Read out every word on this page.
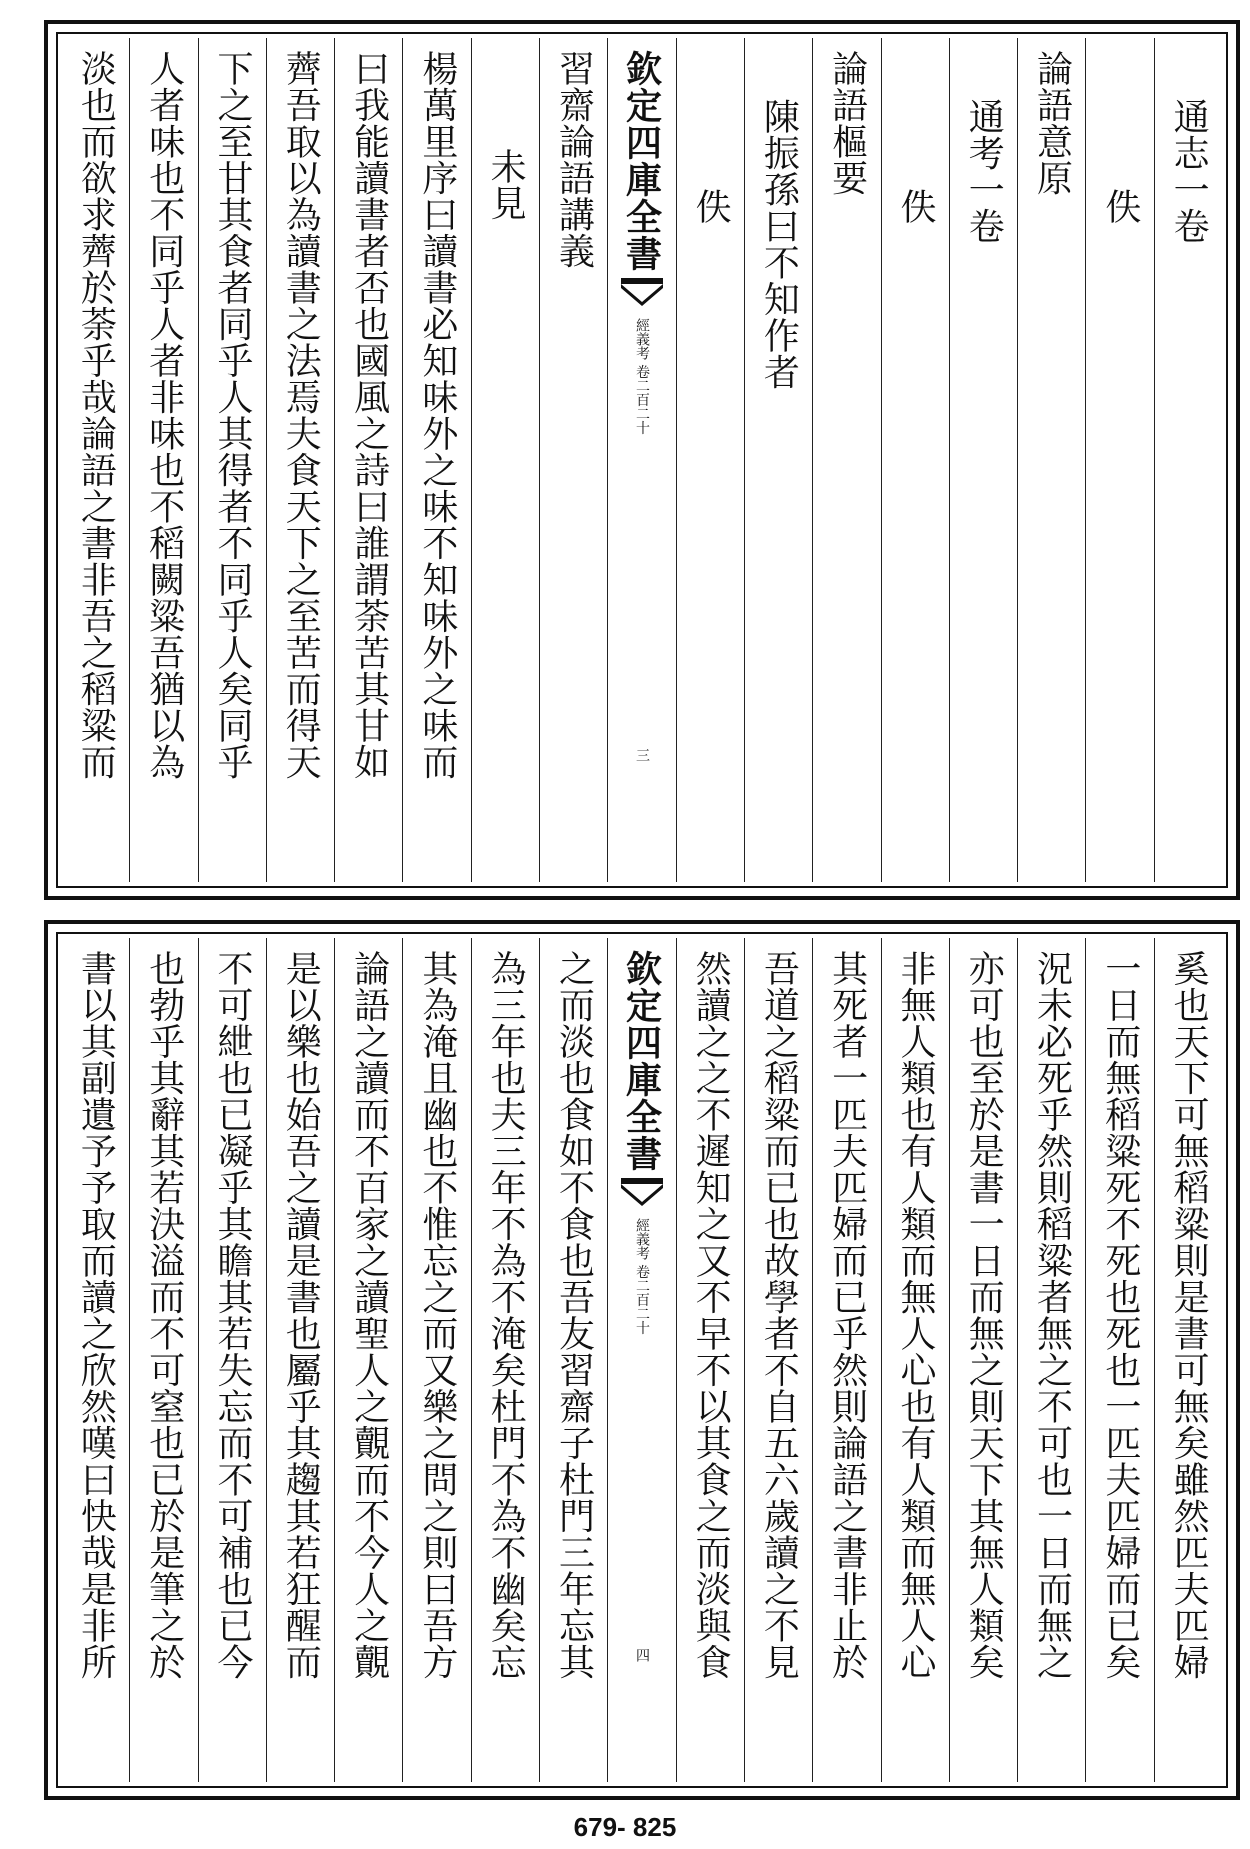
通志一卷
佚
論語意原
通考一卷
佚
論語樞要
陳振孫曰不知作者
佚
欽定四庫全書
經義考 卷二百二十
三
習齋論語講義
未見
楊萬里序曰讀書必知味外之味不知味外之味而
曰我能讀書者否也國風之詩曰誰謂荼苦其甘如
薺吾取以為讀書之法焉夫食天下之至苦而得天
下之至甘其食者同乎人其得者不同乎人矣同乎
人者味也不同乎人者非味也不稻闕粱吾猶以為
淡也而欲求薺於荼乎哉論語之書非吾之稻粱而
奚也天下可無稻粱則是書可無矣雖然匹夫匹婦
一日而無稻粱死不死也死也一匹夫匹婦而已矣
況未必死乎然則稻粱者無之不可也一日而無之
亦可也至於是書一日而無之則天下其無人類矣
非無人類也有人類而無人心也有人類而無人心
其死者一匹夫匹婦而已乎然則論語之書非止於
吾道之稻粱而已也故學者不自五六歲讀之不見
然讀之之不遲知之又不早不以其食之而淡與食
欽定四庫全書
經義考 卷二百二十
四
之而淡也食如不食也吾友習齋子杜門三年忘其
為三年也夫三年不為不淹矣杜門不為不幽矣忘
其為淹且幽也不惟忘之而又樂之問之則曰吾方
論語之讀而不百家之讀聖人之覿而不今人之覿
是以樂也始吾之讀是書也屬乎其趨其若狂醒而
不可紲也已凝乎其瞻其若失忘而不可補也已今
也勃乎其辭其若決溢而不可窒也已於是筆之於
書以其副遺予予取而讀之欣然嘆曰快哉是非所
679- 825
